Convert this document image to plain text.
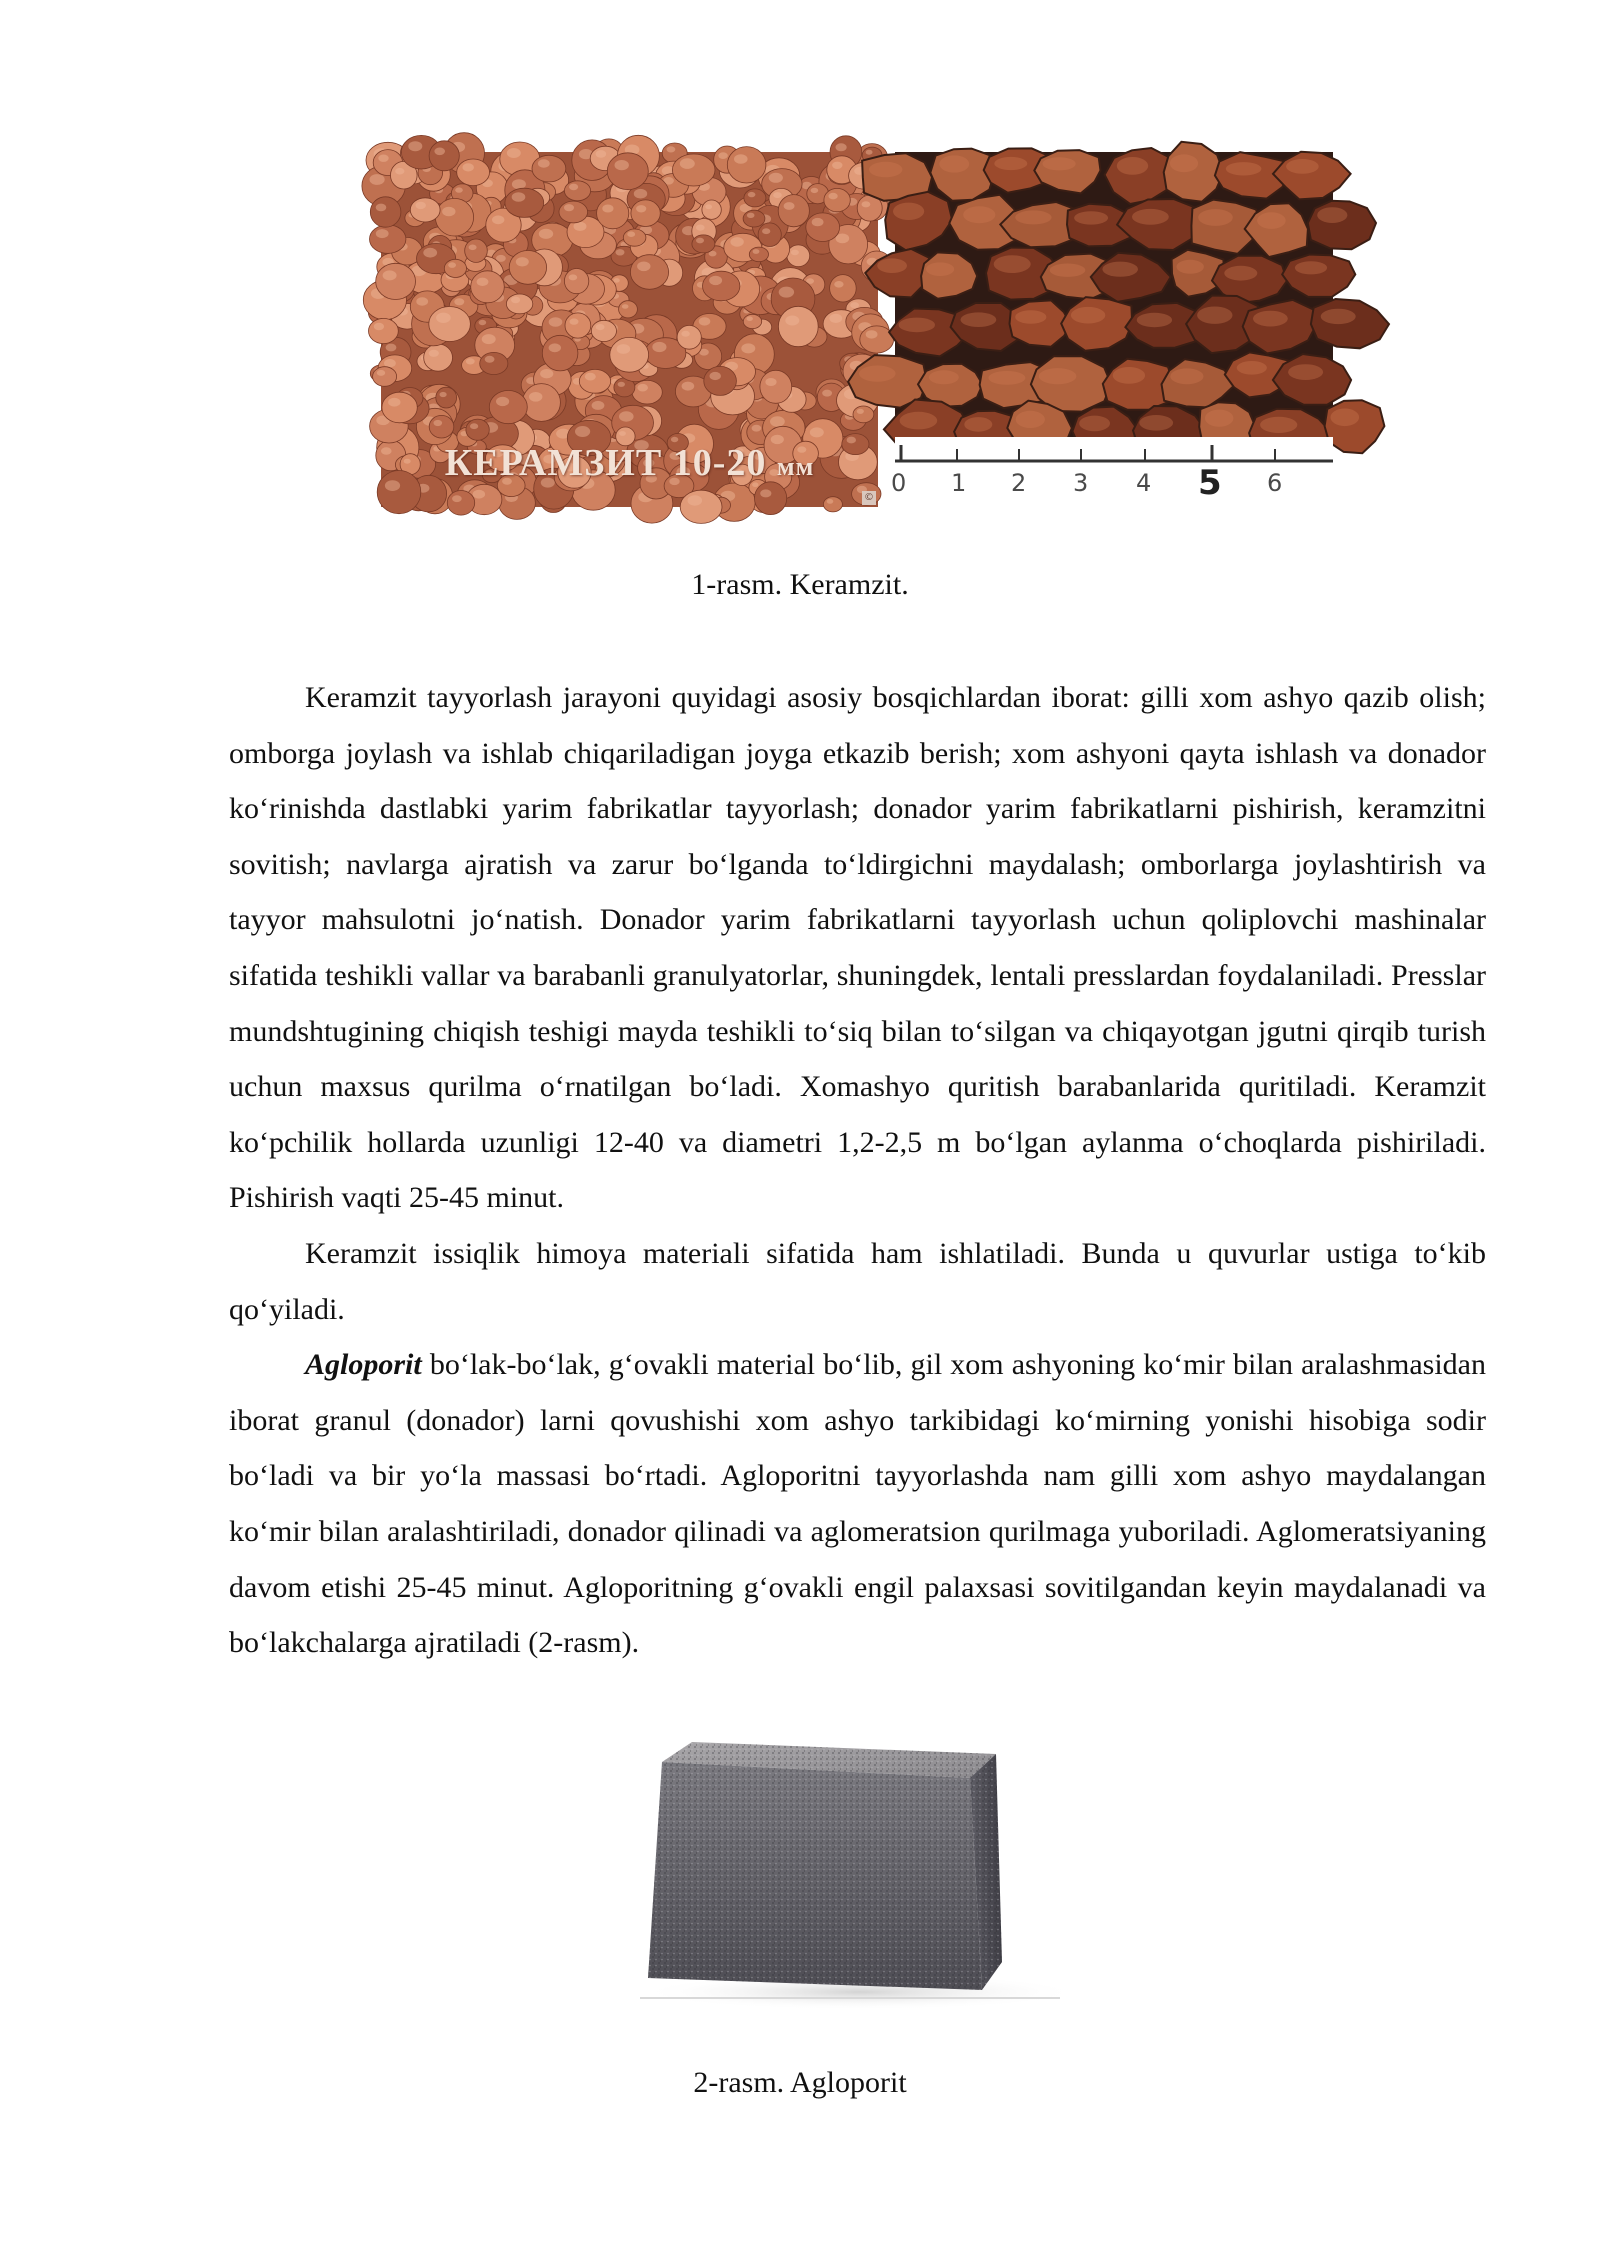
КЕРАМЗИТ 10-20 мм
©
0 1 2 3 4 5 6
1-rasm. Keramzit.

Keramzit tayyorlash jarayoni quyidagi asosiy bosqichlardan iborat: gilli xom ashyo qazib olish; omborga joylash va ishlab chiqariladigan joyga etkazib berish; xom ashyoni qayta ishlash va donador ko‘rinishda dastlabki yarim fabrikatlar tayyorlash; donador yarim fabrikatlarni pishirish, keramzitni sovitish; navlarga ajratish va zarur bo‘lganda to‘ldirgichni maydalash; omborlarga joylashtirish va tayyor mahsulotni jo‘natish. Donador yarim fabrikatlarni tayyorlash uchun qoliplovchi mashinalar sifatida teshikli vallar va barabanli granulyatorlar, shuningdek, lentali presslardan foydalaniladi. Presslar mundshtugining chiqish teshigi mayda teshikli to‘siq bilan to‘silgan va chiqayotgan jgutni qirqib turish uchun maxsus qurilma o‘rnatilgan bo‘ladi. Xomashyo quritish barabanlarida quritiladi. Keramzit ko‘pchilik hollarda uzunligi 12-40 va diametri 1,2-2,5 m bo‘lgan aylanma o‘choqlarda pishiriladi. Pishirish vaqti 25-45 minut.

Keramzit issiqlik himoya materiali sifatida ham ishlatiladi. Bunda u quvurlar ustiga to‘kib qo‘yiladi.

Agloporit bo‘lak-bo‘lak, g‘ovakli material bo‘lib, gil xom ashyoning ko‘mir bilan aralashmasidan iborat granul (donador) larni qovushishi xom ashyo tarkibidagi ko‘mirning yonishi hisobiga sodir bo‘ladi va bir yo‘la massasi bo‘rtadi. Agloporitni tayyorlashda nam gilli xom ashyo maydalangan ko‘mir bilan aralashtiriladi, donador qilinadi va aglomeratsion qurilmaga yuboriladi. Aglomeratsiyaning davom etishi 25-45 minut. Agloporitning g‘ovakli engil palaxsasi sovitilgandan keyin maydalanadi va bo‘lakchalarga ajratiladi (2-rasm).

2-rasm. Agloporit
